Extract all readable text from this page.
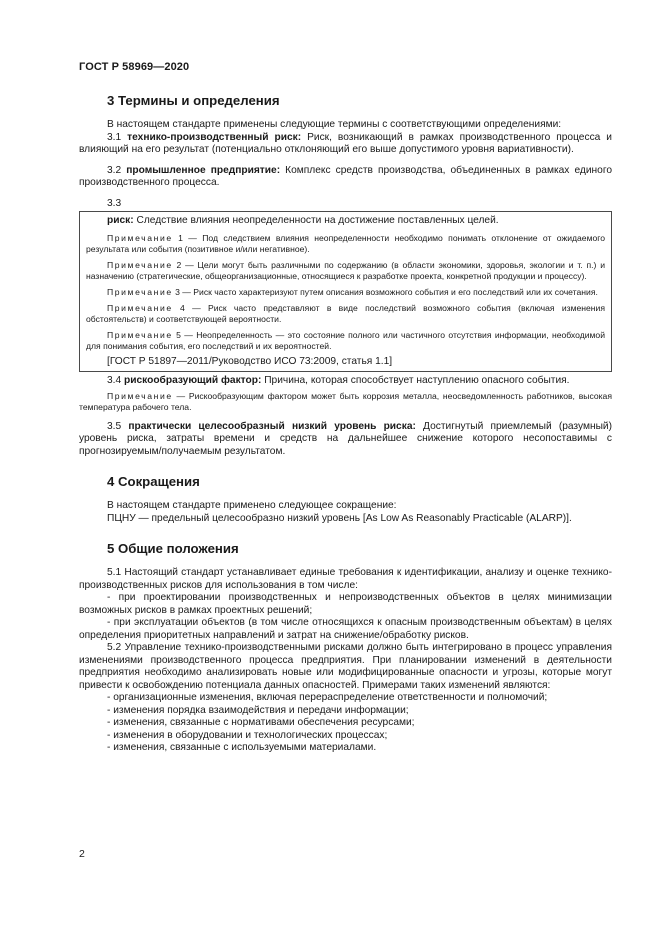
ГОСТ Р 58969—2020
3 Термины и определения

В настоящем стандарте применены следующие термины с соответствующими определениями:

3.1 технико-производственный риск: Риск, возникающий в рамках производственного процесса и влияющий на его результат (потенциально отклоняющий его выше допустимого уровня вариативности).

3.2 промышленное предприятие: Комплекс средств производства, объединенных в рамках единого производственного процесса.

3.3

риск: Следствие влияния неопределенности на достижение поставленных целей.

Примечание 1 — Под следствием влияния неопределенности необходимо понимать отклонение от ожидаемого результата или события (позитивное и/или негативное).

Примечание 2 — Цели могут быть различными по содержанию (в области экономики, здоровья, экологии и т. п.) и назначению (стратегические, общеорганизационные, относящиеся к разработке проекта, конкретной продукции и процессу).

Примечание 3 — Риск часто характеризуют путем описания возможного события и его последствий или их сочетания.

Примечание 4 — Риск часто представляют в виде последствий возможного события (включая изменения обстоятельств) и соответствующей вероятности.

Примечание 5 — Неопределенность — это состояние полного или частичного отсутствия информации, необходимой для понимания события, его последствий и их вероятностей.

[ГОСТ Р 51897—2011/Руководство ИСО 73:2009, статья 1.1]

3.4 рискообразующий фактор: Причина, которая способствует наступлению опасного события.

Примечание — Рискообразующим фактором может быть коррозия металла, неосведомленность работников, высокая температура рабочего тела.

3.5 практически целесообразный низкий уровень риска: Достигнутый приемлемый (разумный) уровень риска, затраты времени и средств на дальнейшее снижение которого несопоставимы с прогнозируемым/получаемым результатом.

4 Сокращения

В настоящем стандарте применено следующее сокращение:

ПЦНУ — предельный целесообразно низкий уровень [As Low As Reasonably Practicable (ALARP)].

5 Общие положения

5.1 Настоящий стандарт устанавливает единые требования к идентификации, анализу и оценке технико-производственных рисков для использования в том числе:

- при проектировании производственных и непроизводственных объектов в целях минимизации возможных рисков в рамках проектных решений;

- при эксплуатации объектов (в том числе относящихся к опасным производственным объектам) в целях определения приоритетных направлений и затрат на снижение/обработку рисков.

5.2 Управление технико-производственными рисками должно быть интегрировано в процесс управления изменениями производственного процесса предприятия. При планировании изменений в деятельности предприятия необходимо анализировать новые или модифицированные опасности и угрозы, которые могут привести к освобождению потенциала данных опасностей. Примерами таких изменений являются:

- организационные изменения, включая перераспределение ответственности и полномочий;

- изменения порядка взаимодействия и передачи информации;

- изменения, связанные с нормативами обеспечения ресурсами;

- изменения в оборудовании и технологических процессах;

- изменения, связанные с используемыми материалами.

2
